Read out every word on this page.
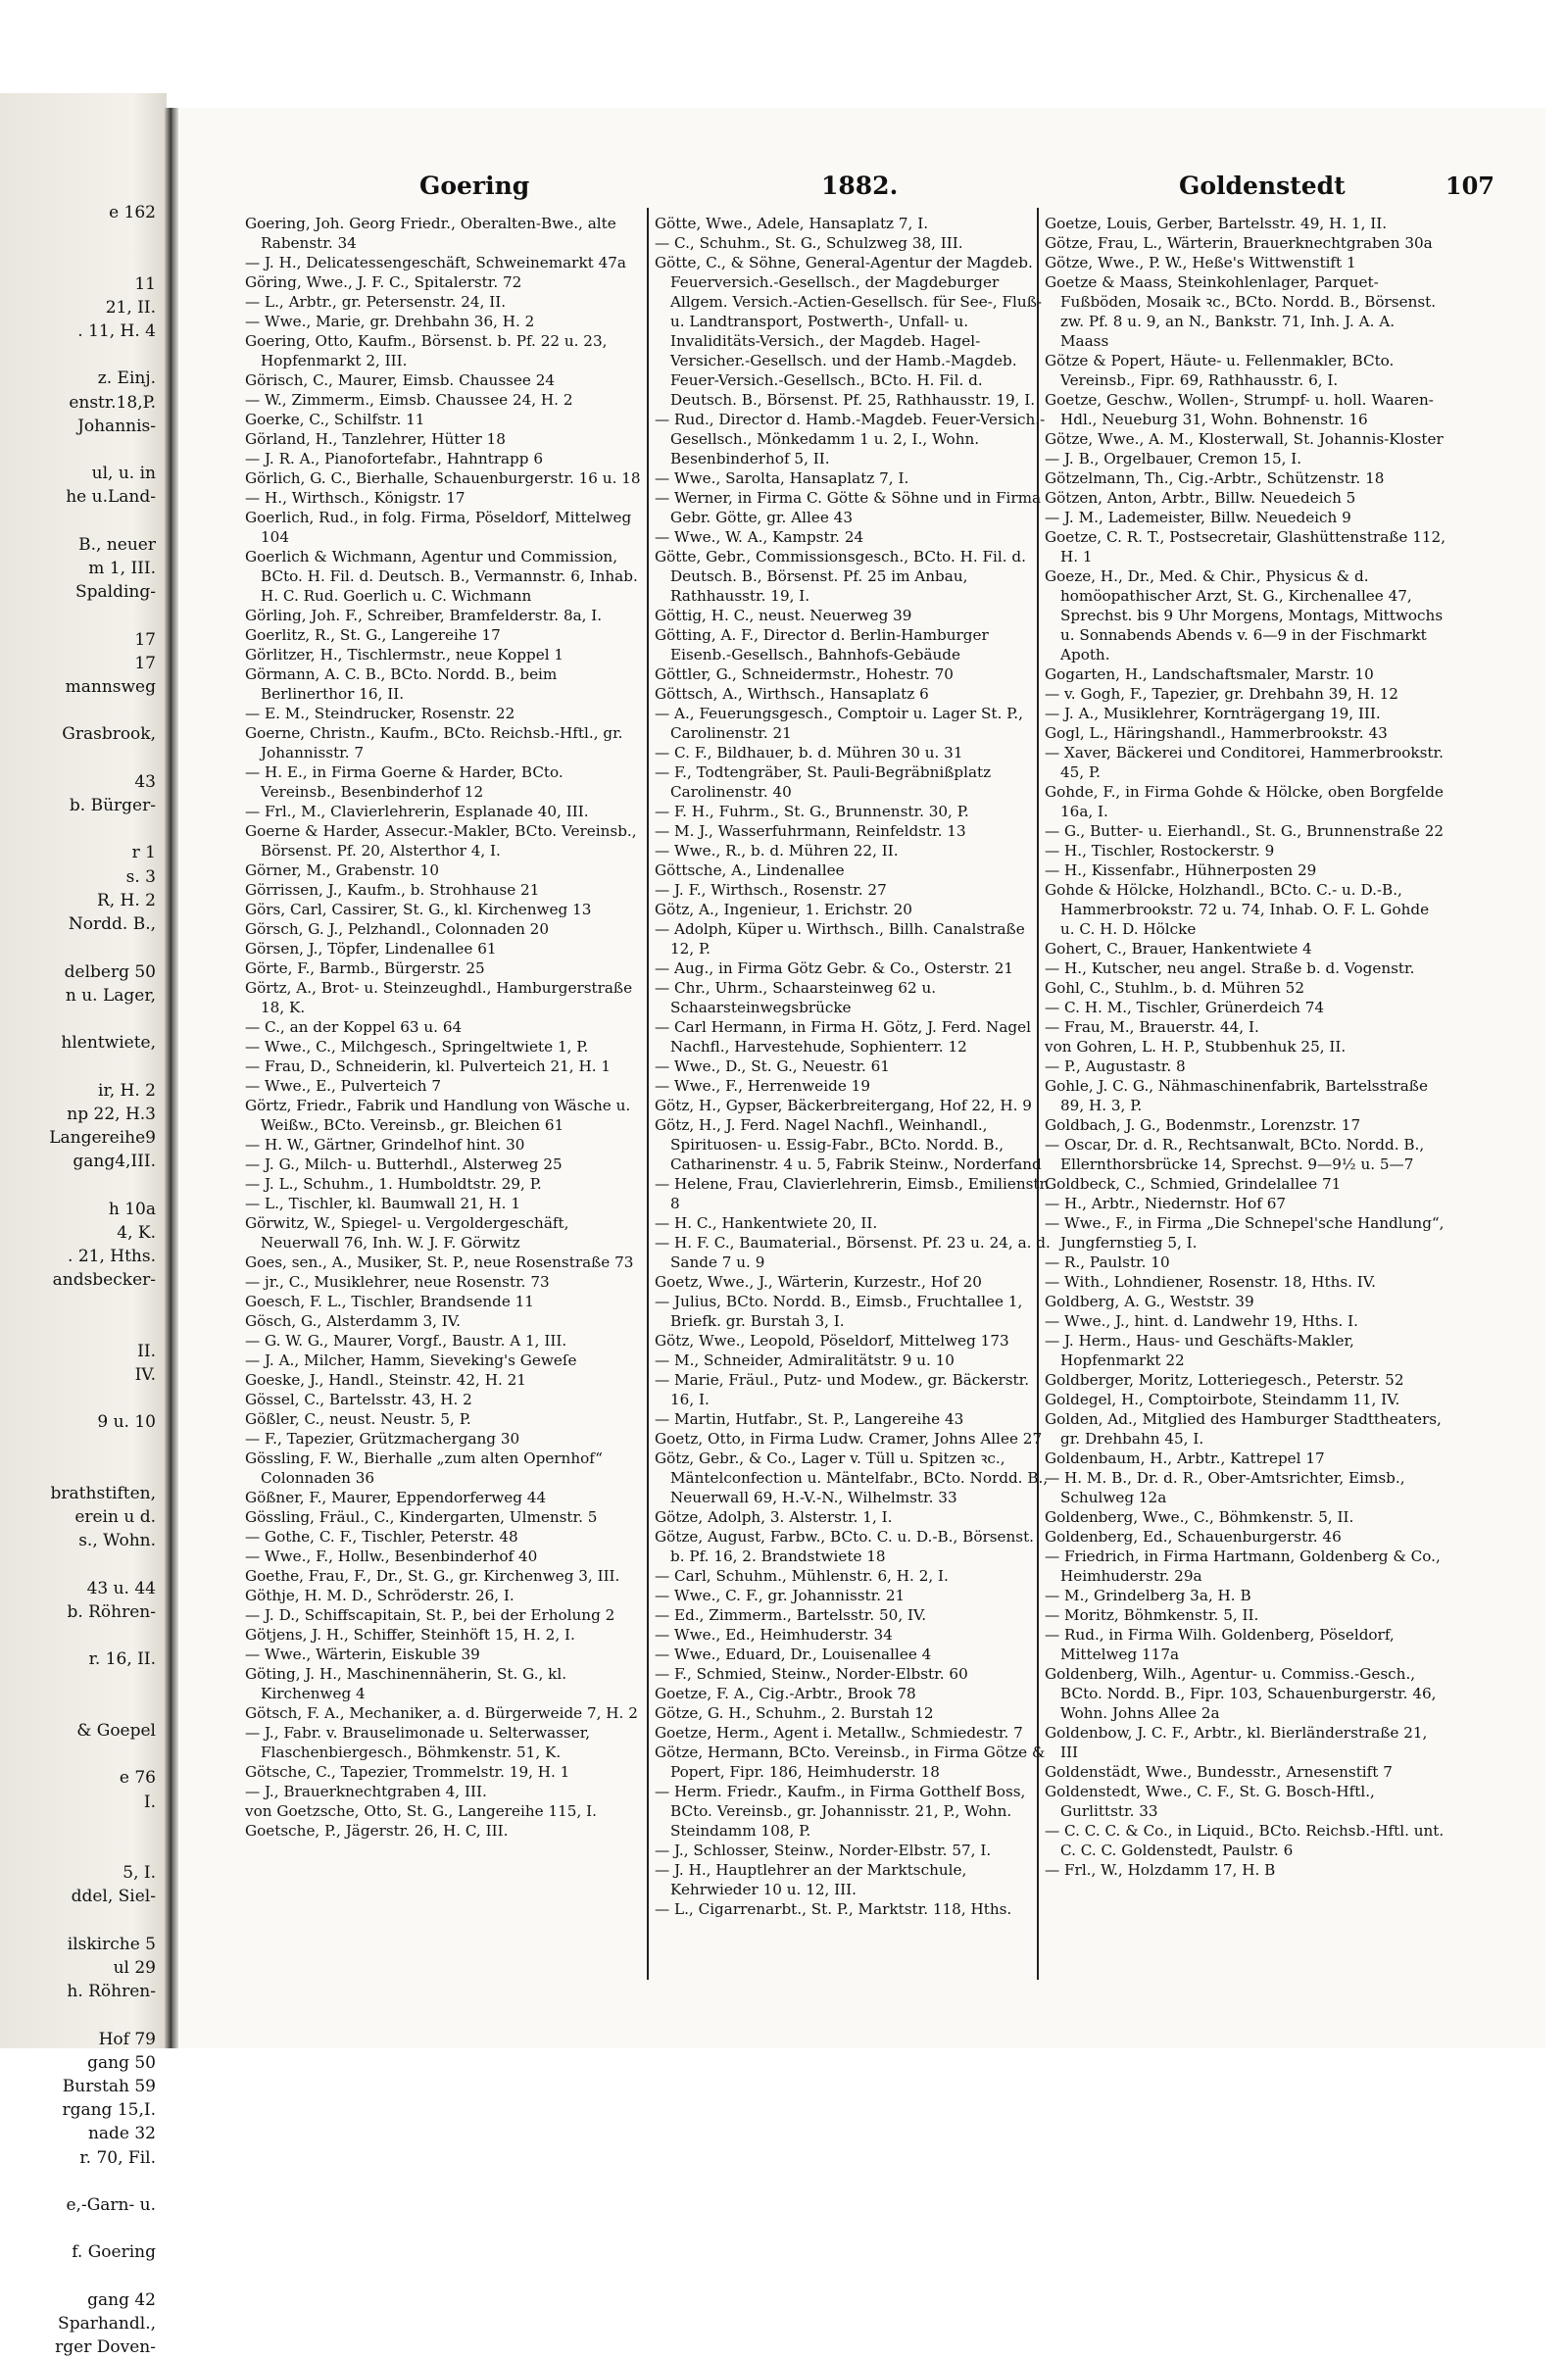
e 162

11
21, II.
. 11, H. 4

z. Einj.
enstr.18,P.
Johannis-

ul, u. in
he u.Land-

B., neuer
m 1, III.
Spalding-

17
17
mannsweg

Grasbrook,

43
b. Bürger-

r 1
s. 3
R, H. 2
Nordd. B.,

delberg 50
n u. Lager,

hlentwiete,

ir, H. 2
np 22, H.3
Langereihe9
gang4,III.

h 10a
4, K.
. 21, Hths.
andsbecker-

II.
IV.

9 u. 10

brathstiften,
erein u d.
s., Wohn.

43 u. 44
b. Röhren-

r. 16, II.

& Goepel

e 76
I.

5, I.
ddel, Siel-

ilskirche 5
ul 29
h. Röhren-

Hof 79
gang 50
Burstah 59
rgang 15,I.
nade 32
r. 70, Fil.

e,-Garn- u.

f. Goering

gang 42
Sparhandl.,
rger Doven-
Goering	1882.	Goldenstedt	107
Goering, Joh. Georg Friedr., Oberalten-Bwe., alte Rabenstr. 34
— J. H., Delicatessengeschäft, Schweinemarkt 47a
Göring, Wwe., J. F. C., Spitalerstr. 72
— L., Arbtr., gr. Petersenstr. 24, II.
— Wwe., Marie, gr. Drehbahn 36, H. 2
Goering, Otto, Kaufm., Börsenst. b. Pf. 22 u. 23, Hopfenmarkt 2, III.
Görisch, C., Maurer, Eimsb. Chaussee 24
— W., Zimmerm., Eimsb. Chaussee 24, H. 2
Goerke, C., Schilfstr. 11
Görland, H., Tanzlehrer, Hütter 18
— J. R. A., Pianofortefabr., Hahntrapp 6
Görlich, G. C., Bierhalle, Schauenburgerstr. 16 u. 18
— H., Wirthsch., Königstr. 17
Goerlich, Rud., in folg. Firma, Pöseldorf, Mittelweg 104
Goerlich & Wichmann, Agentur und Commission, BCto. H. Fil. d. Deutsch. B., Vermannstr. 6, Inhab. H. C. Rud. Goerlich u. C. Wichmann
Görling, Joh. F., Schreiber, Bramfelderstr. 8a, I.
Goerlitz, R., St. G., Langereihe 17
Görlitzer, H., Tischlermstr., neue Koppel 1
Görmann, A. C. B., BCto. Nordd. B., beim Berlinerthor 16, II.
— E. M., Steindrucker, Rosenstr. 22
Goerne, Christn., Kaufm., BCto. Reichsb.-Hftl., gr. Johannisstr. 7
— H. E., in Firma Goerne & Harder, BCto. Vereinsb., Besenbinderhof 12
— Frl., M., Clavierlehrerin, Esplanade 40, III.
Goerne & Harder, Assecur.-Makler, BCto. Vereinsb., Börsenst. Pf. 20, Alsterthor 4, I.
Görner, M., Grabenstr. 10
Görrissen, J., Kaufm., b. Strohhause 21
Görs, Carl, Cassirer, St. G., kl. Kirchenweg 13
Görsch, G. J., Pelzhandl., Colonnaden 20
Görsen, J., Töpfer, Lindenallee 61
Görte, F., Barmb., Bürgerstr. 25
Görtz, A., Brot- u. Steinzeughdl., Hamburgerstraße 18, K.
— C., an der Koppel 63 u. 64
— Wwe., C., Milchgesch., Springeltwiete 1, P.
— Frau, D., Schneiderin, kl. Pulverteich 21, H. 1
— Wwe., E., Pulverteich 7
Görtz, Friedr., Fabrik und Handlung von Wäsche u. Weißw., BCto. Vereinsb., gr. Bleichen 61
— H. W., Gärtner, Grindelhof hint. 30
— J. G., Milch- u. Butterhdl., Alsterweg 25
— J. L., Schuhm., 1. Humboldtstr. 29, P.
— L., Tischler, kl. Baumwall 21, H. 1
Görwitz, W., Spiegel- u. Vergoldergeschäft, Neuerwall 76, Inh. W. J. F. Görwitz
Goes, sen., A., Musiker, St. P., neue Rosenstraße 73
— jr., C., Musiklehrer, neue Rosenstr. 73
Goesch, F. L., Tischler, Brandsende 11
Gösch, G., Alsterdamm 3, IV.
— G. W. G., Maurer, Vorgf., Baustr. A 1, III.
— J. A., Milcher, Hamm, Sieveking's Geweſe
Goeske, J., Handl., Steinstr. 42, H. 21
Gössel, C., Bartelsstr. 43, H. 2
Gößler, C., neust. Neustr. 5, P.
— F., Tapezier, Grützmachergang 30
Gössling, F. W., Bierhalle „zum alten Opernhof“ Colonnaden 36
Gößner, F., Maurer, Eppendorferweg 44
Gössling, Fräul., C., Kindergarten, Ulmenstr. 5
— Gothe, C. F., Tischler, Peterstr. 48
— Wwe., F., Hollw., Besenbinderhof 40
Goethe, Frau, F., Dr., St. G., gr. Kirchenweg 3, III.
Göthje, H. M. D., Schröderstr. 26, I.
— J. D., Schiffscapitain, St. P., bei der Erholung 2
Götjens, J. H., Schiffer, Steinhöft 15, H. 2, I.
— Wwe., Wärterin, Eiskuble 39
Göting, J. H., Maschinennäherin, St. G., kl. Kirchenweg 4
Götsch, F. A., Mechaniker, a. d. Bürgerweide 7, H. 2
— J., Fabr. v. Brauselimonade u. Selterwasser, Flaschenbiergesch., Böhmkenstr. 51, K.
Götsche, C., Tapezier, Trommelstr. 19, H. 1
— J., Brauerknechtgraben 4, III.
von Goetzsche, Otto, St. G., Langereihe 115, I.
Goetsche, P., Jägerstr. 26, H. C, III.
Götte, Wwe., Adele, Hansaplatz 7, I.
— C., Schuhm., St. G., Schulzweg 38, III.
Götte, C., & Söhne, General-Agentur der Magdeb. Feuerversich.-Gesellsch., der Magdeburger Allgem. Versich.-Actien-Gesellsch. für See-, Fluß- u. Landtransport, Postwerth-, Unfall- u. Invaliditäts-Versich., der Magdeb. Hagel-Versicher.-Gesellsch. und der Hamb.-Magdeb. Feuer-Versich.-Gesellsch., BCto. H. Fil. d. Deutsch. B., Börsenst. Pf. 25, Rathhausstr. 19, I.
— Rud., Director d. Hamb.-Magdeb. Feuer-Versich.-Gesellsch., Mönkedamm 1 u. 2, I., Wohn. Besenbinderhof 5, II.
— Wwe., Sarolta, Hansaplatz 7, I.
— Werner, in Firma C. Götte & Söhne und in Firma Gebr. Götte, gr. Allee 43
— Wwe., W. A., Kampstr. 24
Götte, Gebr., Commissionsgesch., BCto. H. Fil. d. Deutsch. B., Börsenst. Pf. 25 im Anbau, Rathhausstr. 19, I.
Göttig, H. C., neust. Neuerweg 39
Götting, A. F., Director d. Berlin-Hamburger Eisenb.-Gesellsch., Bahnhofs-Gebäude
Göttler, G., Schneidermstr., Hohestr. 70
Göttsch, A., Wirthsch., Hansaplatz 6
— A., Feuerungsgesch., Comptoir u. Lager St. P., Carolinenstr. 21
— C. F., Bildhauer, b. d. Mühren 30 u. 31
— F., Todtengräber, St. Pauli-Begräbnißplatz Carolinenstr. 40
— F. H., Fuhrm., St. G., Brunnenstr. 30, P.
— M. J., Wasserfuhrmann, Reinfeldstr. 13
— Wwe., R., b. d. Mühren 22, II.
Göttsche, A., Lindenallee
— J. F., Wirthsch., Rosenstr. 27
Götz, A., Ingenieur, 1. Erichstr. 20
— Adolph, Küper u. Wirthsch., Billh. Canalstraße 12, P.
— Aug., in Firma Götz Gebr. & Co., Osterstr. 21
— Chr., Uhrm., Schaarsteinweg 62 u. Schaarsteinwegsbrücke
— Carl Hermann, in Firma H. Götz, J. Ferd. Nagel Nachfl., Harvestehude, Sophienterr. 12
— Wwe., D., St. G., Neuestr. 61
— Wwe., F., Herrenweide 19
Götz, H., Gypser, Bäckerbreitergang, Hof 22, H. 9
Götz, H., J. Ferd. Nagel Nachfl., Weinhandl., Spirituosen- u. Essig-Fabr., BCto. Nordd. B., Catharinenstr. 4 u. 5, Fabrik Steinw., Norderfand
— Helene, Frau, Clavierlehrerin, Eimsb., Emilienstr. 8
— H. C., Hankentwiete 20, II.
— H. F. C., Baumaterial., Börsenst. Pf. 23 u. 24, a. d. Sande 7 u. 9
Goetz, Wwe., J., Wärterin, Kurzestr., Hof 20
— Julius, BCto. Nordd. B., Eimsb., Fruchtallee 1, Briefk. gr. Burstah 3, I.
Götz, Wwe., Leopold, Pöseldorf, Mittelweg 173
— M., Schneider, Admiralitätstr. 9 u. 10
— Marie, Fräul., Putz- und Modew., gr. Bäckerstr. 16, I.
— Martin, Hutfabr., St. P., Langereihe 43
Goetz, Otto, in Firma Ludw. Cramer, Johns Allee 27
Götz, Gebr., & Co., Lager v. Tüll u. Spitzen ꝛc., Mäntelconfection u. Mäntelfabr., BCto. Nordd. B., Neuerwall 69, H.-V.-N., Wilhelmstr. 33
Götze, Adolph, 3. Alsterstr. 1, I.
Götze, August, Farbw., BCto. C. u. D.-B., Börsenst. b. Pf. 16, 2. Brandstwiete 18
— Carl, Schuhm., Mühlenstr. 6, H. 2, I.
— Wwe., C. F., gr. Johannisstr. 21
— Ed., Zimmerm., Bartelsstr. 50, IV.
— Wwe., Ed., Heimhuderstr. 34
— Wwe., Eduard, Dr., Louisenallee 4
— F., Schmied, Steinw., Norder-Elbstr. 60
Goetze, F. A., Cig.-Arbtr., Brook 78
Götze, G. H., Schuhm., 2. Burstah 12
Goetze, Herm., Agent i. Metallw., Schmiedestr. 7
Götze, Hermann, BCto. Vereinsb., in Firma Götze & Popert, Fipr. 186, Heimhuderstr. 18
— Herm. Friedr., Kaufm., in Firma Gotthelf Boss, BCto. Vereinsb., gr. Johannisstr. 21, P., Wohn. Steindamm 108, P.
— J., Schlosser, Steinw., Norder-Elbstr. 57, I.
— J. H., Hauptlehrer an der Marktschule, Kehrwieder 10 u. 12, III.
— L., Cigarrenarbt., St. P., Marktstr. 118, Hths.
Goetze, Louis, Gerber, Bartelsstr. 49, H. 1, II.
Götze, Frau, L., Wärterin, Brauerknechtgraben 30a
Götze, Wwe., P. W., Heße's Wittwenstift 1
Goetze & Maass, Steinkohlenlager, Parquet-Fußböden, Mosaik ꝛc., BCto. Nordd. B., Börsenst. zw. Pf. 8 u. 9, an N., Bankstr. 71, Inh. J. A. A. Maass
Götze & Popert, Häute- u. Fellenmakler, BCto. Vereinsb., Fipr. 69, Rathhausstr. 6, I.
Goetze, Geschw., Wollen-, Strumpf- u. holl. Waaren-Hdl., Neueburg 31, Wohn. Bohnenstr. 16
Götze, Wwe., A. M., Klosterwall, St. Johannis-Kloster
— J. B., Orgelbauer, Cremon 15, I.
Götzelmann, Th., Cig.-Arbtr., Schützenstr. 18
Götzen, Anton, Arbtr., Billw. Neuedeich 5
— J. M., Lademeister, Billw. Neuedeich 9
Goetze, C. R. T., Postsecretair, Glashüttenstraße 112, H. 1
Goeze, H., Dr., Med. & Chir., Physicus & d. homöopathischer Arzt, St. G., Kirchenallee 47, Sprechst. bis 9 Uhr Morgens, Montags, Mittwochs u. Sonnabends Abends v. 6—9 in der Fischmarkt Apoth.
Gogarten, H., Landschaftsmaler, Marstr. 10
— v. Gogh, F., Tapezier, gr. Drehbahn 39, H. 12
— J. A., Musiklehrer, Kornträgergang 19, III.
Gogl, L., Häringshandl., Hammerbrookstr. 43
— Xaver, Bäckerei und Conditorei, Hammerbrookstr. 45, P.
Gohde, F., in Firma Gohde & Hölcke, oben Borgfelde 16a, I.
— G., Butter- u. Eierhandl., St. G., Brunnenstraße 22
— H., Tischler, Rostockerstr. 9
— H., Kissenfabr., Hühnerposten 29
Gohde & Hölcke, Holzhandl., BCto. C.- u. D.-B., Hammerbrookstr. 72 u. 74, Inhab. O. F. L. Gohde u. C. H. D. Hölcke
Gohert, C., Brauer, Hankentwiete 4
— H., Kutscher, neu angel. Straße b. d. Vogenstr.
Gohl, C., Stuhlm., b. d. Mühren 52
— C. H. M., Tischler, Grünerdeich 74
— Frau, M., Brauerstr. 44, I.
von Gohren, L. H. P., Stubbenhuk 25, II.
— P., Augustastr. 8
Gohle, J. C. G., Nähmaschinenfabrik, Bartelsstraße 89, H. 3, P.
Goldbach, J. G., Bodenmstr., Lorenzstr. 17
— Oscar, Dr. d. R., Rechtsanwalt, BCto. Nordd. B., Ellernthorsbrücke 14, Sprechst. 9—9½ u. 5—7
Goldbeck, C., Schmied, Grindelallee 71
— H., Arbtr., Niedernstr. Hof 67
— Wwe., F., in Firma „Die Schnepel'sche Handlung“, Jungfernstieg 5, I.
— R., Paulstr. 10
— With., Lohndiener, Rosenstr. 18, Hths. IV.
Goldberg, A. G., Weststr. 39
— Wwe., J., hint. d. Landwehr 19, Hths. I.
— J. Herm., Haus- und Geschäfts-Makler, Hopfenmarkt 22
Goldberger, Moritz, Lotteriegesch., Peterstr. 52
Goldegel, H., Comptoirbote, Steindamm 11, IV.
Golden, Ad., Mitglied des Hamburger Stadttheaters, gr. Drehbahn 45, I.
Goldenbaum, H., Arbtr., Kattrepel 17
— H. M. B., Dr. d. R., Ober-Amtsrichter, Eimsb., Schulweg 12a
Goldenberg, Wwe., C., Böhmkenstr. 5, II.
Goldenberg, Ed., Schauenburgerstr. 46
— Friedrich, in Firma Hartmann, Goldenberg & Co., Heimhuderstr. 29a
— M., Grindelberg 3a, H. B
— Moritz, Böhmkenstr. 5, II.
— Rud., in Firma Wilh. Goldenberg, Pöseldorf, Mittelweg 117a
Goldenberg, Wilh., Agentur- u. Commiss.-Gesch., BCto. Nordd. B., Fipr. 103, Schauenburgerstr. 46, Wohn. Johns Allee 2a
Goldenbow, J. C. F., Arbtr., kl. Bierländerstraße 21, III
Goldenstädt, Wwe., Bundesstr., Arnesenstift 7
Goldenstedt, Wwe., C. F., St. G. Bosch-Hftl., Gurlittstr. 33
— C. C. C. & Co., in Liquid., BCto. Reichsb.-Hftl. unt. C. C. C. Goldenstedt, Paulstr. 6
— Frl., W., Holzdamm 17, H. B
